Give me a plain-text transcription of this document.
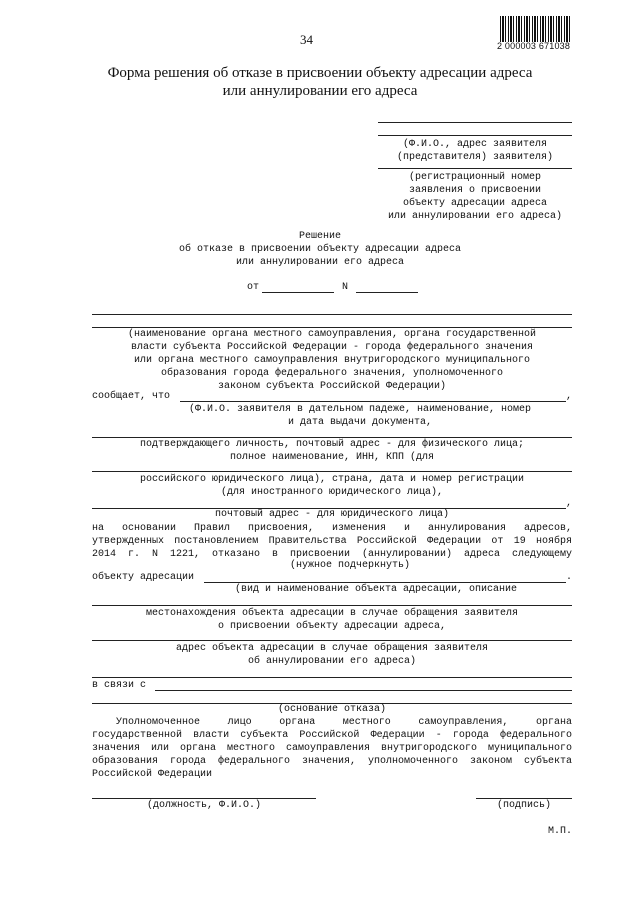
34	2 000003 671038
Форма решения об отказе в присвоении объекту адресации адреса
или аннулировании его адреса
(Ф.И.О., адрес заявителя
(представителя) заявителя)
(регистрационный номер
заявления о присвоении
объекту адресации адреса
или аннулировании его адреса)
Решение
об отказе в присвоении объекту адресации адреса
или аннулировании его адреса
от	N
(наименование органа местного самоуправления, органа государственной
власти субъекта Российской Федерации - города федерального значения
или органа местного самоуправления внутригородского муниципального
образования города федерального значения, уполномоченного
законом субъекта Российской Федерации)
сообщает, что	,
(Ф.И.О. заявителя в дательном падеже, наименование, номер
и дата выдачи документа,
подтверждающего личность, почтовый адрес - для физического лица;
полное наименование, ИНН, КПП (для
российского юридического лица), страна, дата и номер регистрации
(для иностранного юридического лица),
,
почтовый адрес - для юридического лица)
на основании Правил присвоения, изменения и аннулирования адресов,
утвержденных постановлением Правительства Российской Федерации от 19 ноября
2014 г. N 1221, отказано в присвоении (аннулировании) адреса следующему
(нужное подчеркнуть)
объекту адресации	.
(вид и наименование объекта адресации, описание
местонахождения объекта адресации в случае обращения заявителя
о присвоении объекту адресации адреса,
адрес объекта адресации в случае обращения заявителя
об аннулировании его адреса)
в связи с
(основание отказа)
Уполномоченное лицо органа местного самоуправления, органа
государственной власти субъекта Российской Федерации - города федерального
значения или органа местного самоуправления внутригородского муниципального
образования города федерального значения, уполномоченного законом субъекта
Российской Федерации
(должность, Ф.И.О.)	(подпись)
М.П.
